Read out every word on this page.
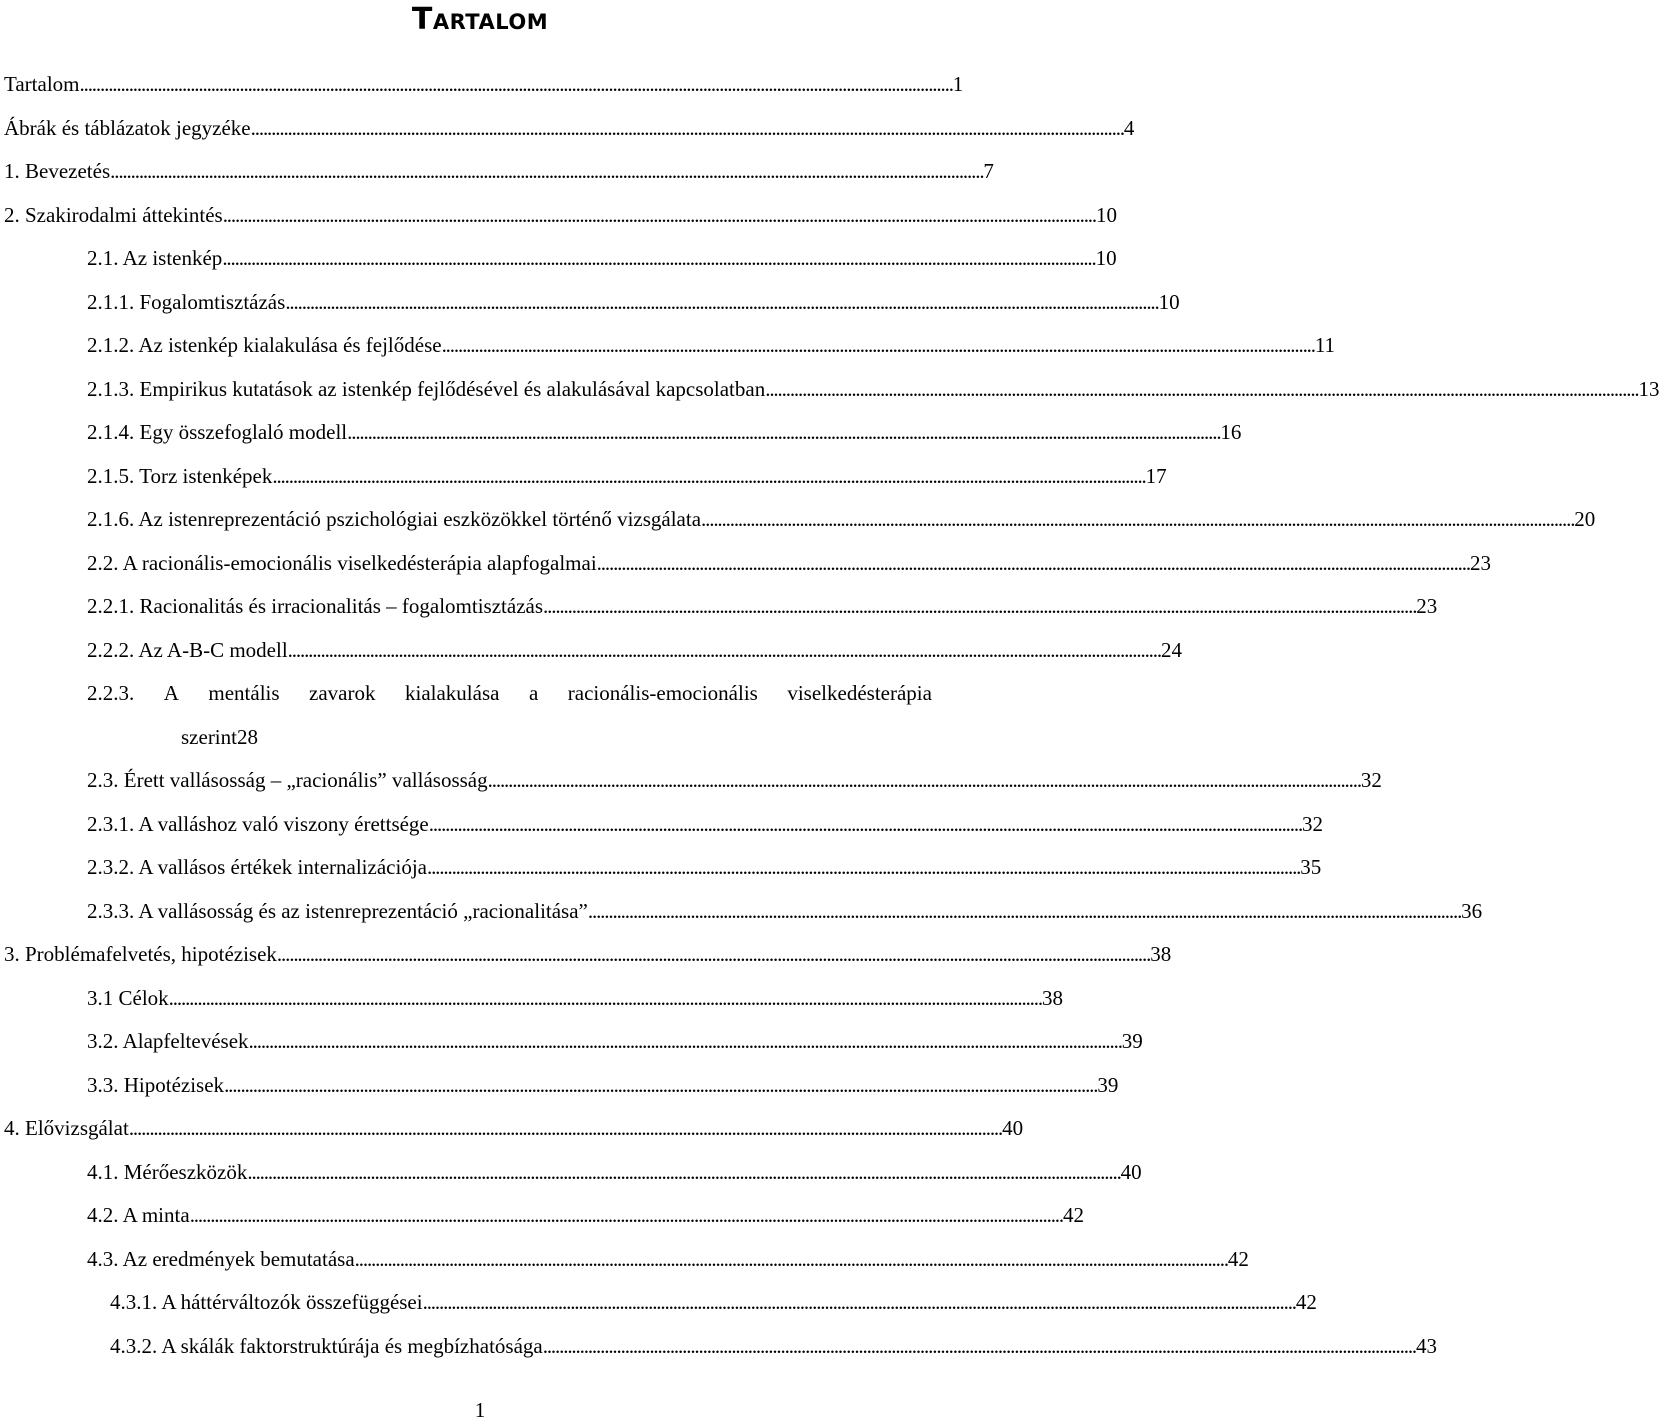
Tartalom
Tartalom . . .	1
Ábrák és táblázatok jegyzéke . . .	4
1. Bevezetés . . .	7
2. Szakirodalmi áttekintés . . .	10
2.1. Az istenkép . . .	10
2.1.1. Fogalomtisztázás . . .	10
2.1.2. Az istenkép kialakulása és fejlődése . . .	11
2.1.3. Empirikus kutatások az istenkép fejlődésével és alakulásával kapcsolatban . . .	13
2.1.4. Egy összefoglaló modell . . .	16
2.1.5. Torz istenképek . . .	17
2.1.6. Az istenreprezentáció pszichológiai eszközökkel történő vizsgálata . . .	20
2.2. A racionális-emocionális viselkedésterápia alapfogalmai . . .	23
2.2.1. Racionalitás és irracionalitás – fogalomtisztázás . . .	23
2.2.2. Az A-B-C modell . . .	24
2.2.3. A mentális zavarok kialakulása a racionális-emocionális viselkedésterápia
szerint 28
2.3. Érett vallásosság – „racionális” vallásosság . . .	32
2.3.1. A valláshoz való viszony érettsége . . .	32
2.3.2. A vallásos értékek internalizációja . . .	35
2.3.3. A vallásosság és az istenreprezentáció „racionalitása” . . .	36
3. Problémafelvetés, hipotézisek . . .	38
3.1 Célok . . .	38
3.2. Alapfeltevések . . .	39
3.3. Hipotézisek . . .	39
4. Elővizsgálat . . .	40
4.1. Mérőeszközök . . .	40
4.2. A minta . . .	42
4.3. Az eredmények bemutatása . . .	42
4.3.1. A háttérváltozók összefüggései . . .	42
4.3.2. A skálák faktorstruktúrája és megbízhatósága . . .	43
1
